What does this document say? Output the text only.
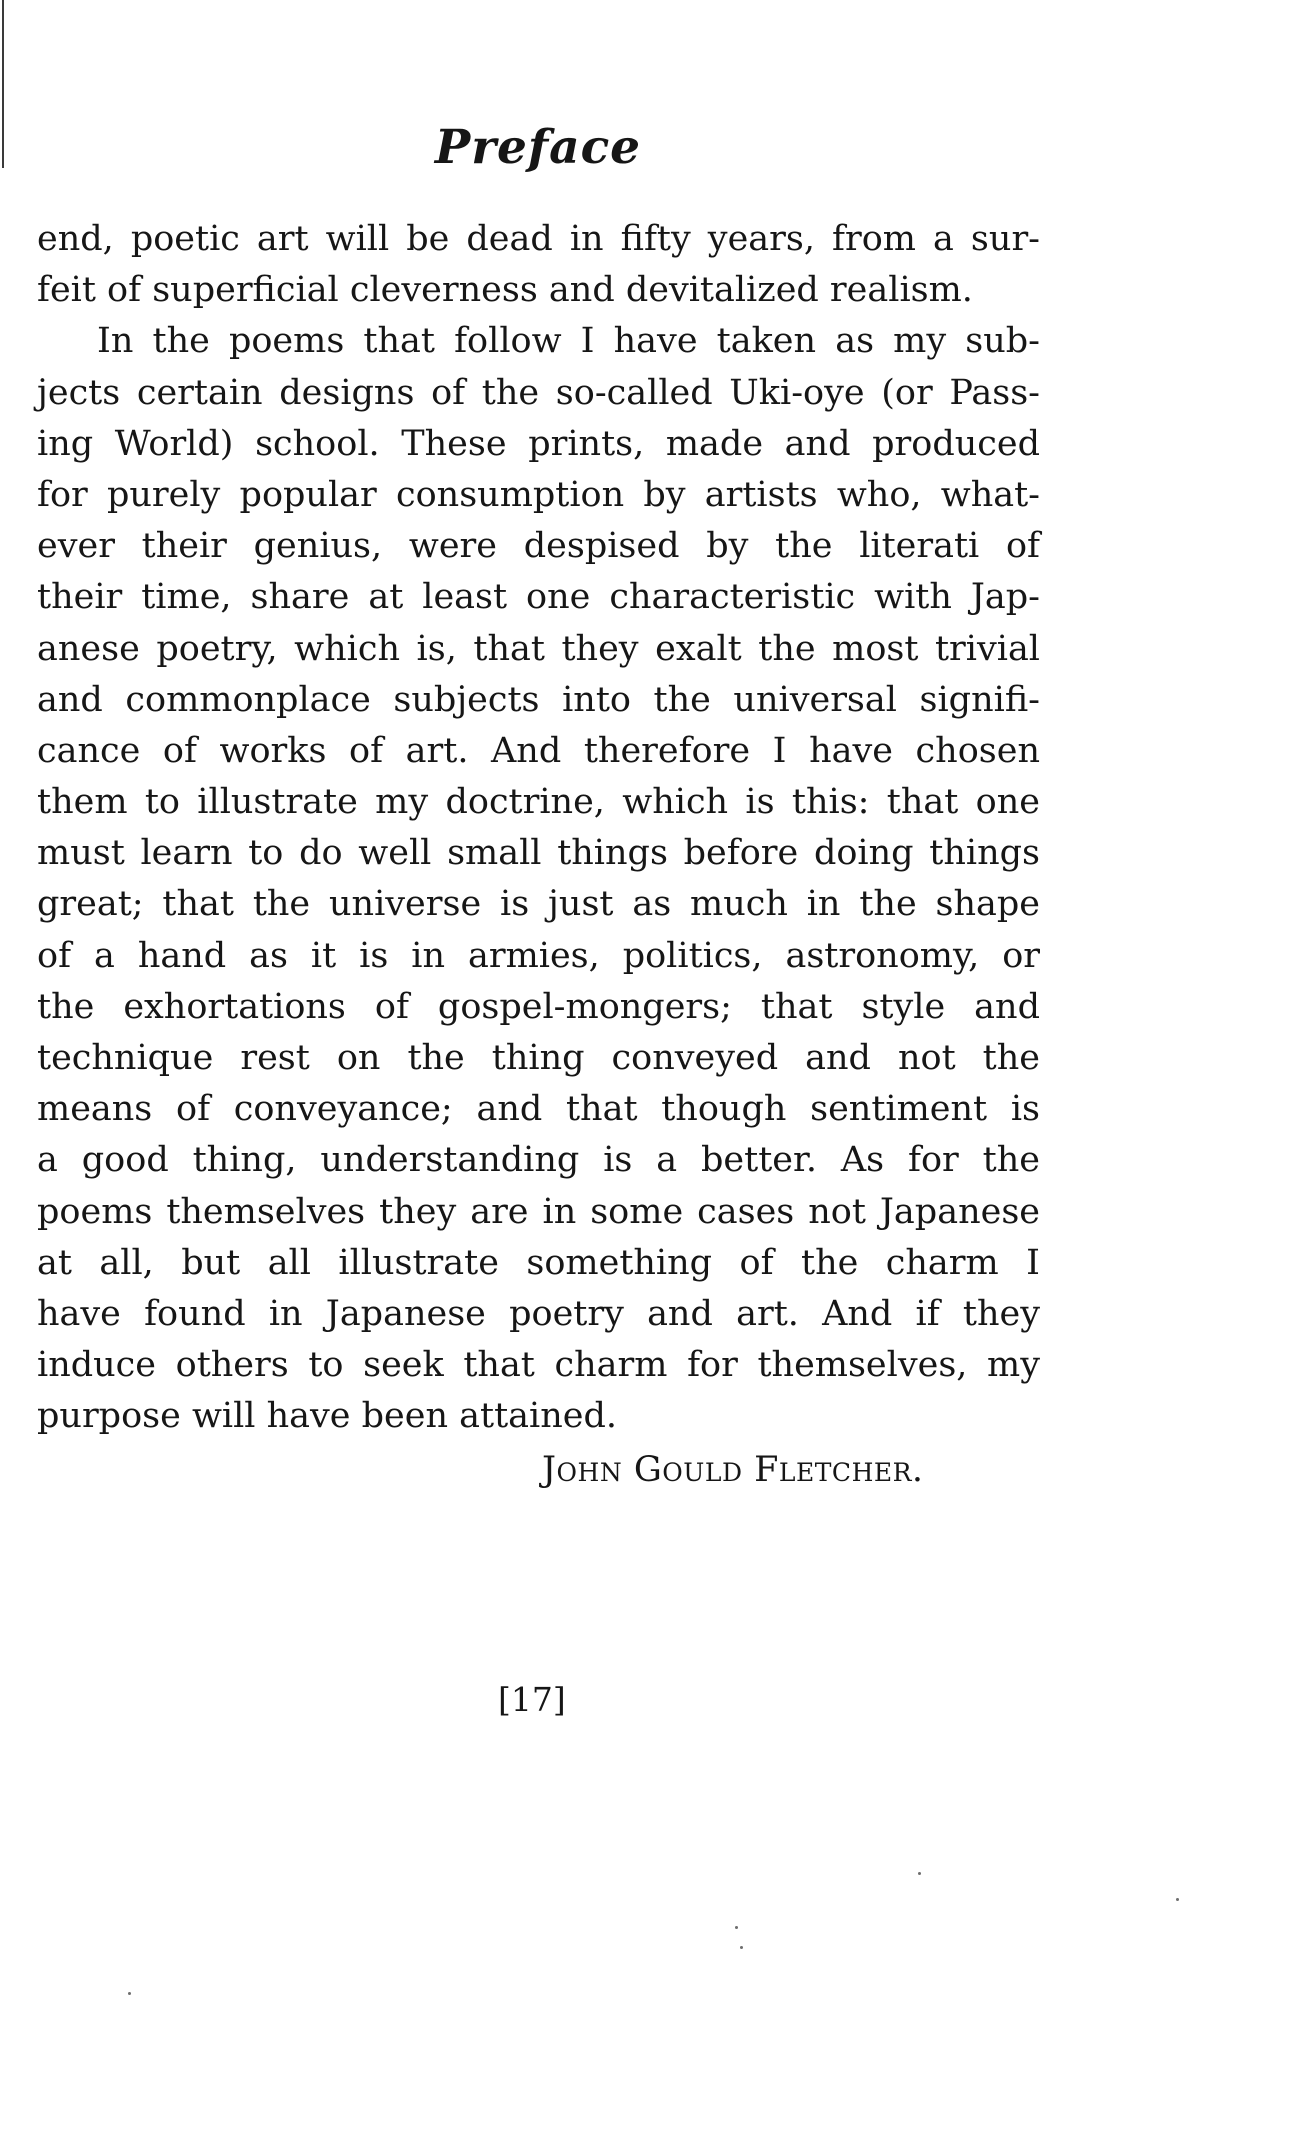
Preface
end, poetic art will be dead in fifty years, from a sur-
feit of superficial cleverness and devitalized realism.
In the poems that follow I have taken as my sub-
jects certain designs of the so-called Uki-oye (or Pass-
ing World) school. These prints, made and produced
for purely popular consumption by artists who, what-
ever their genius, were despised by the literati of
their time, share at least one characteristic with Jap-
anese poetry, which is, that they exalt the most trivial
and commonplace subjects into the universal signifi-
cance of works of art. And therefore I have chosen
them to illustrate my doctrine, which is this: that one
must learn to do well small things before doing things
great; that the universe is just as much in the shape
of a hand as it is in armies, politics, astronomy, or
the exhortations of gospel-mongers; that style and
technique rest on the thing conveyed and not the
means of conveyance; and that though sentiment is
a good thing, understanding is a better. As for the
poems themselves they are in some cases not Japanese
at all, but all illustrate something of the charm I
have found in Japanese poetry and art. And if they
induce others to seek that charm for themselves, my
purpose will have been attained.
John Gould Fletcher.
[17]
